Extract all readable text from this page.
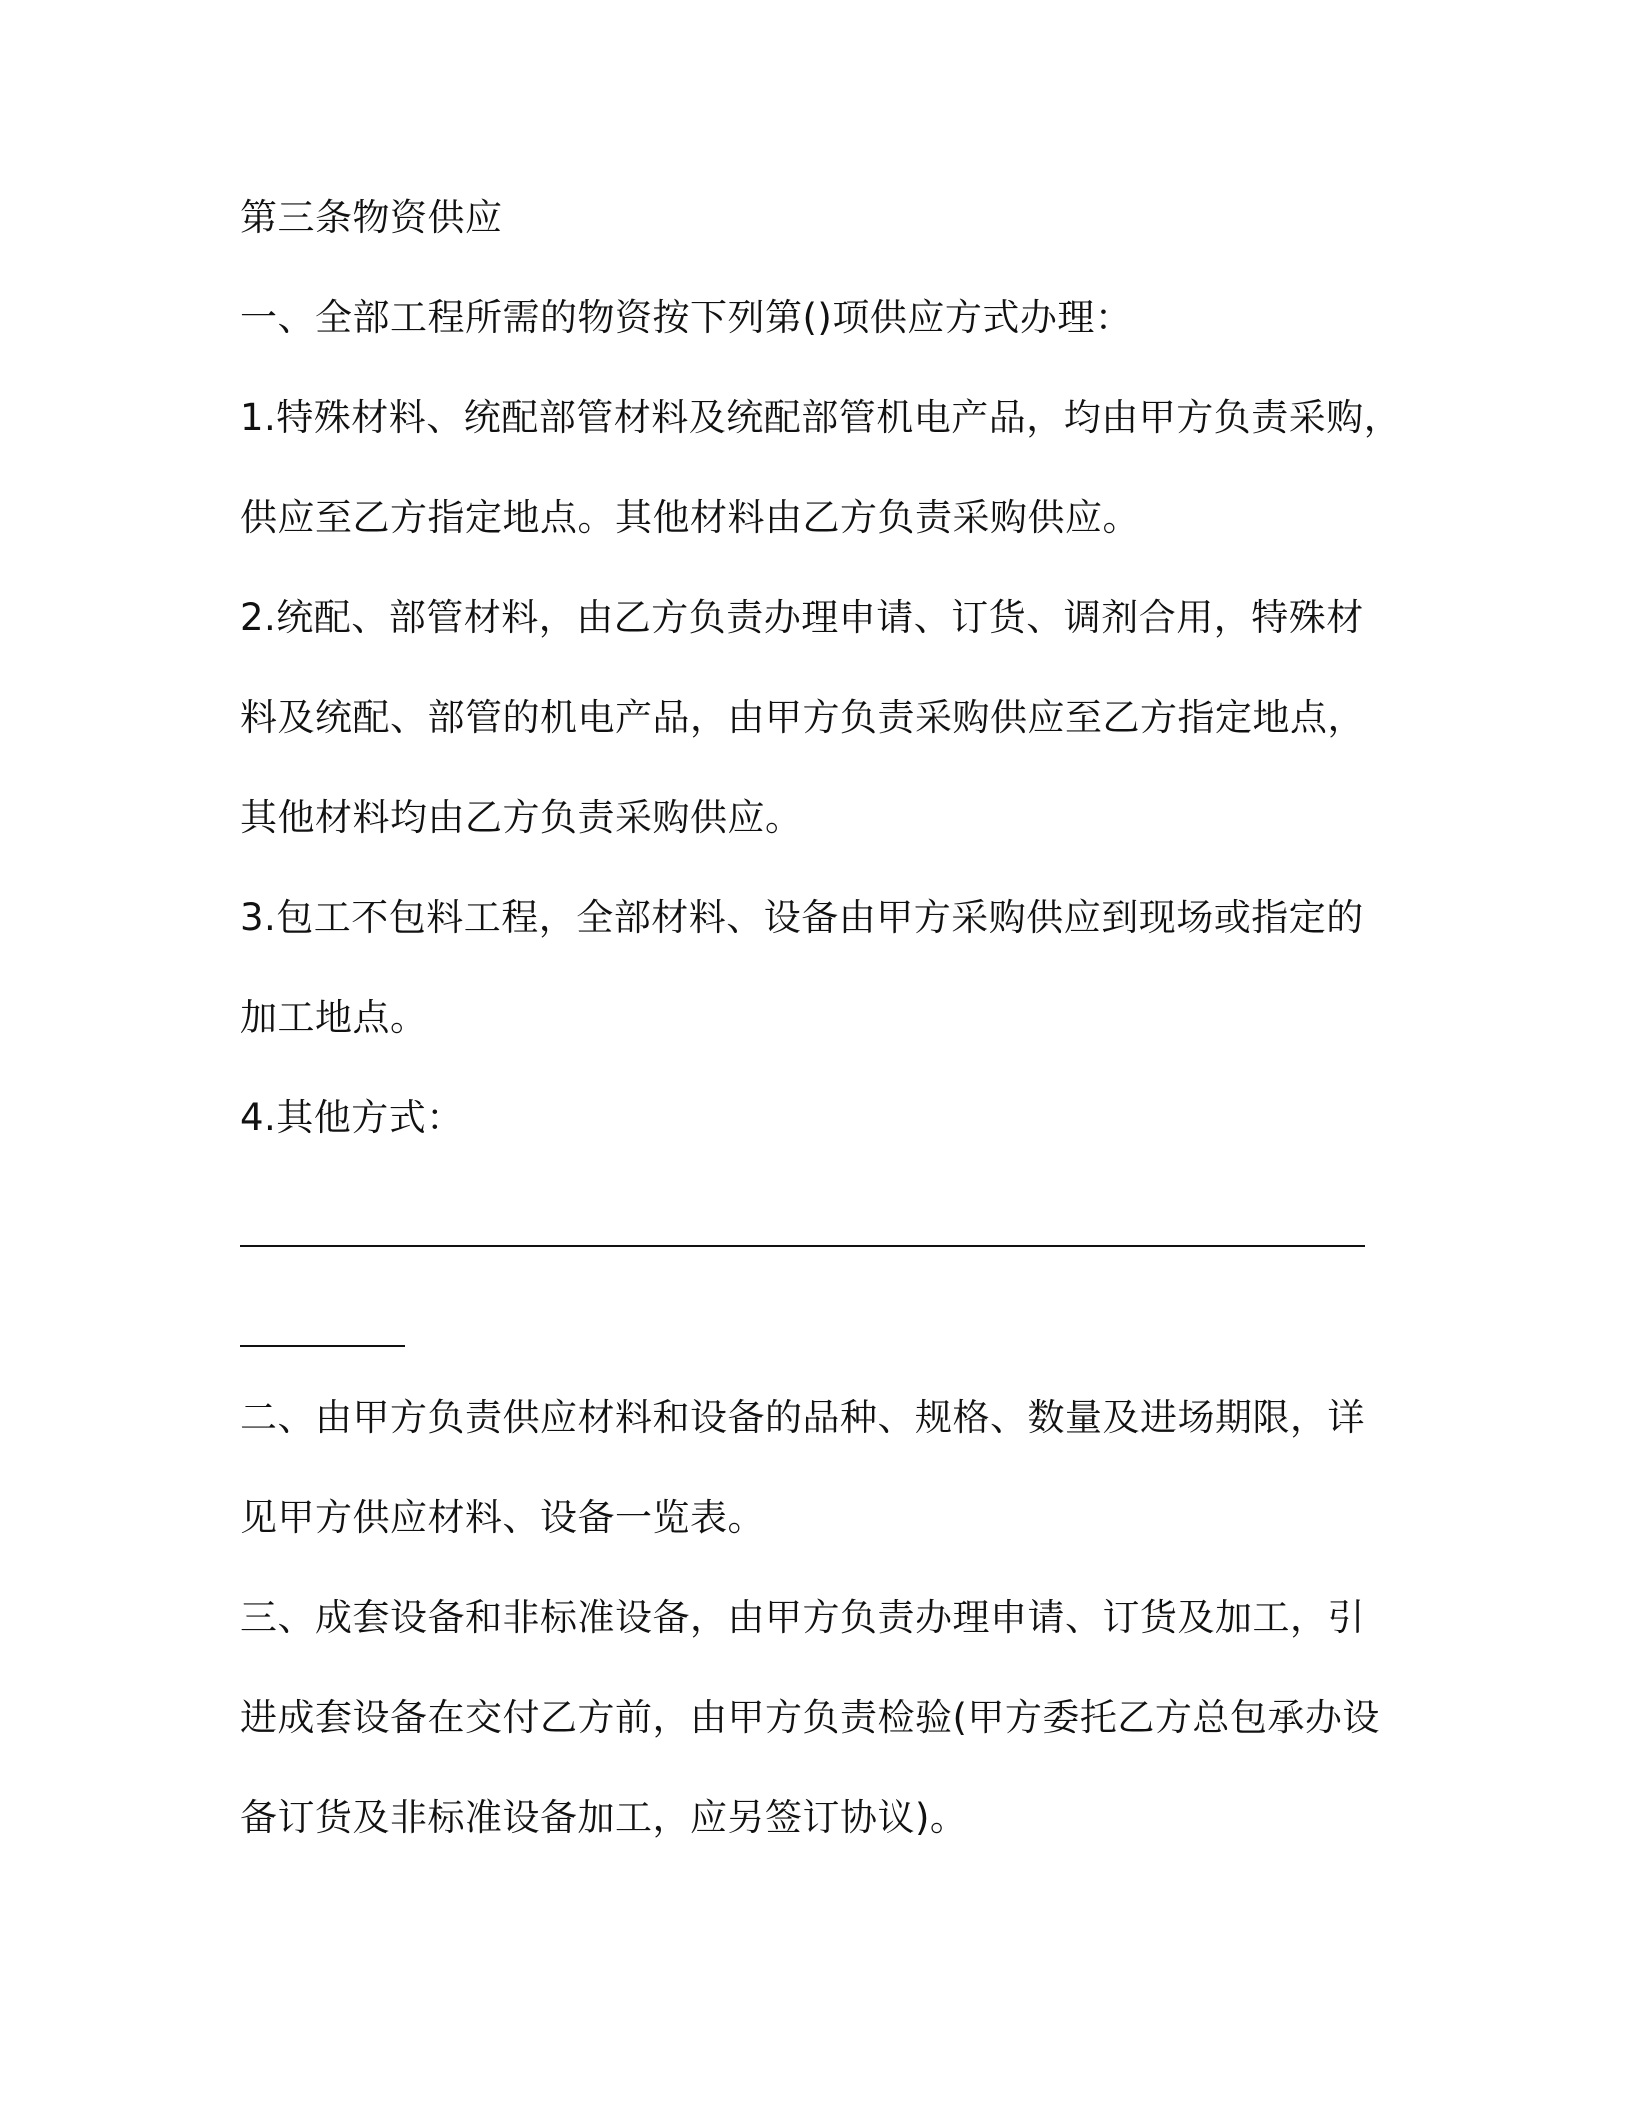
第三条物资供应
一、全部工程所需的物资按下列第()项供应方式办理：
1.特殊材料、统配部管材料及统配部管机电产品，均由甲方负责采购，
供应至乙方指定地点。其他材料由乙方负责采购供应。
2.统配、部管材料，由乙方负责办理申请、订货、调剂合用，特殊材
料及统配、部管的机电产品，由甲方负责采购供应至乙方指定地点，
其他材料均由乙方负责采购供应。
3.包工不包料工程，全部材料、设备由甲方采购供应到现场或指定的
加工地点。
4.其他方式：
二、由甲方负责供应材料和设备的品种、规格、数量及进场期限，详
见甲方供应材料、设备一览表。
三、成套设备和非标准设备，由甲方负责办理申请、订货及加工，引
进成套设备在交付乙方前，由甲方负责检验(甲方委托乙方总包承办设
备订货及非标准设备加工，应另签订协议)。
